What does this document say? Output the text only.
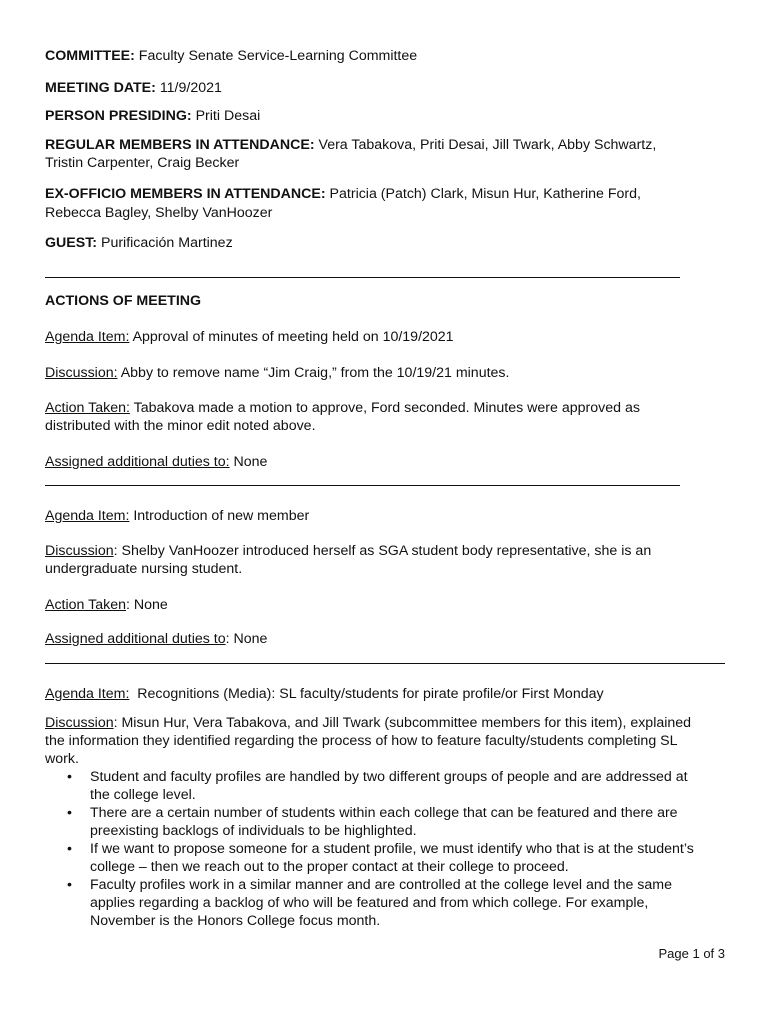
COMMITTEE: Faculty Senate Service-Learning Committee
MEETING DATE: 11/9/2021
PERSON PRESIDING: Priti Desai
REGULAR MEMBERS IN ATTENDANCE: Vera Tabakova, Priti Desai, Jill Twark, Abby Schwartz,
Tristin Carpenter, Craig Becker
EX-OFFICIO MEMBERS IN ATTENDANCE: Patricia (Patch) Clark, Misun Hur, Katherine Ford,
Rebecca Bagley, Shelby VanHoozer
GUEST: Purificación Martinez
ACTIONS OF MEETING
Agenda Item: Approval of minutes of meeting held on 10/19/2021
Discussion: Abby to remove name “Jim Craig,” from the 10/19/21 minutes.
Action Taken: Tabakova made a motion to approve, Ford seconded. Minutes were approved as
distributed with the minor edit noted above.
Assigned additional duties to: None
Agenda Item: Introduction of new member
Discussion: Shelby VanHoozer introduced herself as SGA student body representative, she is an
undergraduate nursing student.
Action Taken: None
Assigned additional duties to: None
Agenda Item:  Recognitions (Media): SL faculty/students for pirate profile/or First Monday
Discussion: Misun Hur, Vera Tabakova, and Jill Twark (subcommittee members for this item), explained
the information they identified regarding the process of how to feature faculty/students completing SL
work.
• Student and faculty profiles are handled by two different groups of people and are addressed at
the college level.
• There are a certain number of students within each college that can be featured and there are
preexisting backlogs of individuals to be highlighted.
• If we want to propose someone for a student profile, we must identify who that is at the student’s
college – then we reach out to the proper contact at their college to proceed.
• Faculty profiles work in a similar manner and are controlled at the college level and the same
applies regarding a backlog of who will be featured and from which college. For example,
November is the Honors College focus month.
Page 1 of 3
